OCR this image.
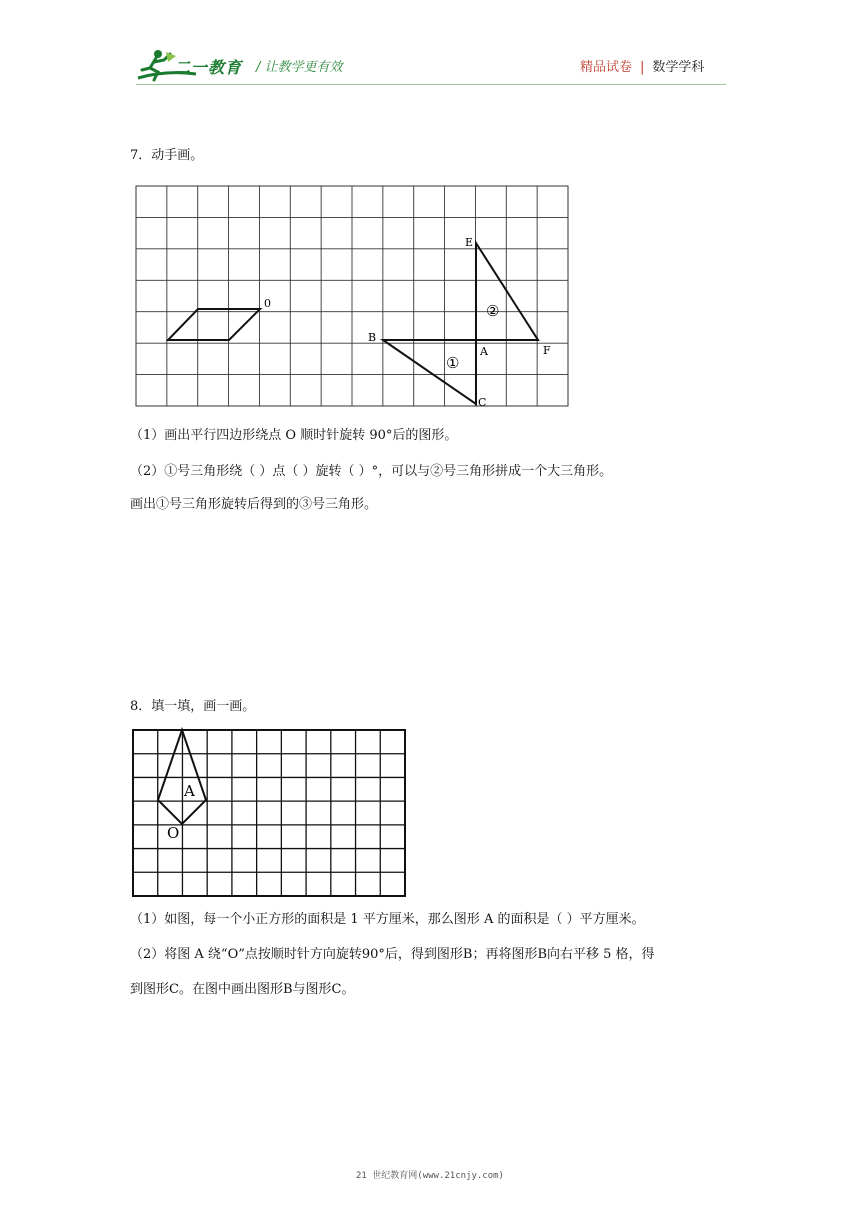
二一教育 / 让教学更有效	精品试卷 | 数学学科
7．动手画。
0
E
B
A	F
C
①
②
（1）画出平行四边形绕点 O 顺时针旋转 90°后的图形。
（2）①号三角形绕（ ）点（ ）旋转（ ）°，可以与②号三角形拼成一个大三角形。
画出①号三角形旋转后得到的③号三角形。
8．填一填，画一画。
A
O
（1）如图，每一个小正方形的面积是 1 平方厘米，那么图形 A 的面积是（ ）平方厘米。
（2）将图 A 绕“O”点按顺时针方向旋转90°后，得到图形B；再将图形B向右平移 5 格，得
到图形C。在图中画出图形B与图形C。
21 世纪教育网(www.21cnjy.com)
